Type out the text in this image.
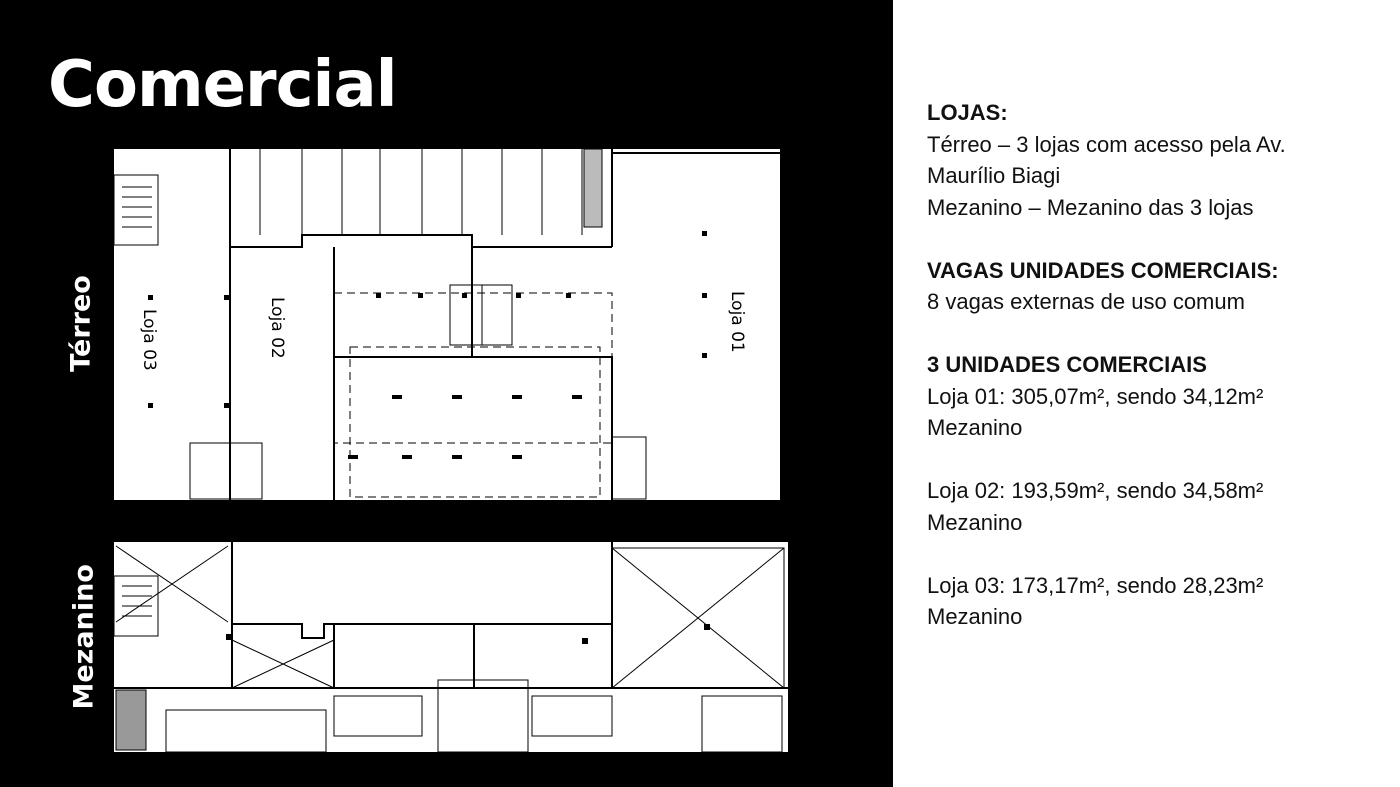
Comercial
Térreo
Mezanino
Loja 03	Loja 02	Loja 01
LOJAS:
Térreo – 3 lojas com acesso pela Av.
Maurílio Biagi
Mezanino – Mezanino das 3 lojas
VAGAS UNIDADES COMERCIAIS:
8 vagas externas de uso comum
3 UNIDADES COMERCIAIS
Loja 01: 305,07m², sendo 34,12m²
Mezanino
Loja 02: 193,59m², sendo 34,58m²
Mezanino
Loja 03: 173,17m², sendo 28,23m²
Mezanino
